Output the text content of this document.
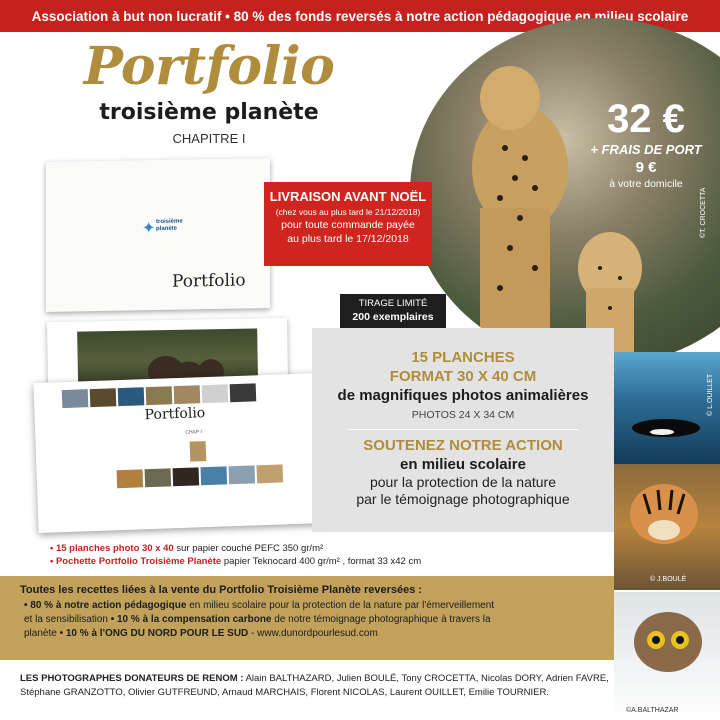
Association à but non lucratif • 80 % des fonds reversés à notre action pédagogique en milieu scolaire
©T. CROCETTA
Portfolio
troisième planète
CHAPITRE I	32 €
+ FRAIS DE PORT
9 €
à votre domicile
✦ troisième
planète
Portfolio
LIVRAISON AVANT NOËL
(chez vous au plus tard le 21/12/2018)
pour toute commande payée
au plus tard le 17/12/2018
Portfolio
CHAP I
TIRAGE LIMITÉ
200 exemplaires
15 PLANCHES
FORMAT 30 X 40 CM
de magnifiques photos animalières
PHOTOS 24 X 34 CM
SOUTENEZ NOTRE ACTION
en milieu scolaire
pour la protection de la nature
par le témoignage photographique
© L.OUILLET
© J.BOULÉ
©A.BALTHAZAR
• 15 planches photo 30 x 40 sur papier couché PEFC 350 gr/m²
• Pochette Portfolio Troisième Planète papier Teknocard 400 gr/m² , format 33 x42 cm
Toutes les recettes liées à la vente du Portfolio Troisième Planète reversées :
• 80 % à notre action pédagogique en milieu scolaire pour la protection de la nature par l'émerveillement
et la sensibilisation • 10 % à la compensation carbone de notre témoignage photographique à travers la
planète • 10 % à l'ONG DU NORD POUR LE SUD - www.dunordpourlesud.com
LES PHOTOGRAPHES DONATEURS DE RENOM : Alain BALTHAZARD, Julien BOULÉ, Tony CROCETTA, Nicolas DORY, Adrien FAVRE, Stéphane GRANZOTTO, Olivier GUTFREUND, Arnaud MARCHAIS, Florent NICOLAS, Laurent OUILLET, Emilie TOURNIER.
